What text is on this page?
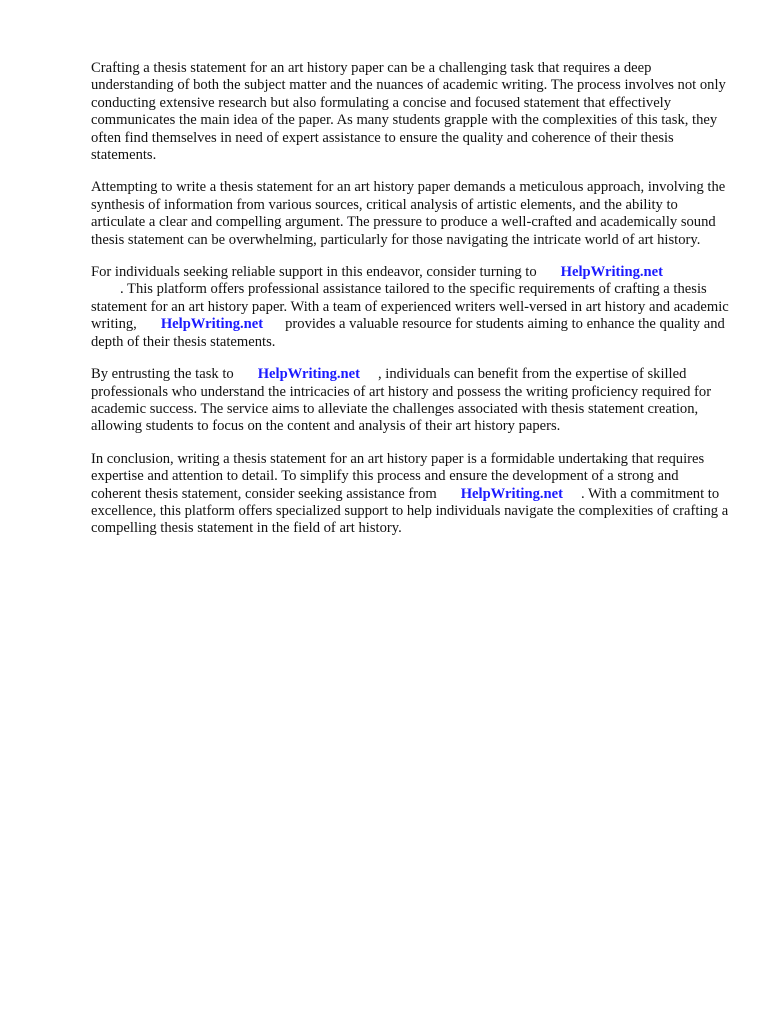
Crafting a thesis statement for an art history paper can be a challenging task that requires a deep understanding of both the subject matter and the nuances of academic writing. The process involves not only conducting extensive research but also formulating a concise and focused statement that effectively communicates the main idea of the paper. As many students grapple with the complexities of this task, they often find themselves in need of expert assistance to ensure the quality and coherence of their thesis statements.

Attempting to write a thesis statement for an art history paper demands a meticulous approach, involving the synthesis of information from various sources, critical analysis of artistic elements, and the ability to articulate a clear and compelling argument. The pressure to produce a well-crafted and academically sound thesis statement can be overwhelming, particularly for those navigating the intricate world of art history.

For individuals seeking reliable support in this endeavor, consider turning to HelpWriting.net
. This platform offers professional assistance tailored to the specific requirements of crafting a thesis statement for an art history paper. With a team of experienced writers well-versed in art history and academic writing, HelpWriting.net provides a valuable resource for students aiming to enhance the quality and depth of their thesis statements.

By entrusting the task to HelpWriting.net , individuals can benefit from the expertise of skilled professionals who understand the intricacies of art history and possess the writing proficiency required for academic success. The service aims to alleviate the challenges associated with thesis statement creation, allowing students to focus on the content and analysis of their art history papers.

In conclusion, writing a thesis statement for an art history paper is a formidable undertaking that requires expertise and attention to detail. To simplify this process and ensure the development of a strong and coherent thesis statement, consider seeking assistance from HelpWriting.net . With a commitment to excellence, this platform offers specialized support to help individuals navigate the complexities of crafting a compelling thesis statement in the field of art history.
